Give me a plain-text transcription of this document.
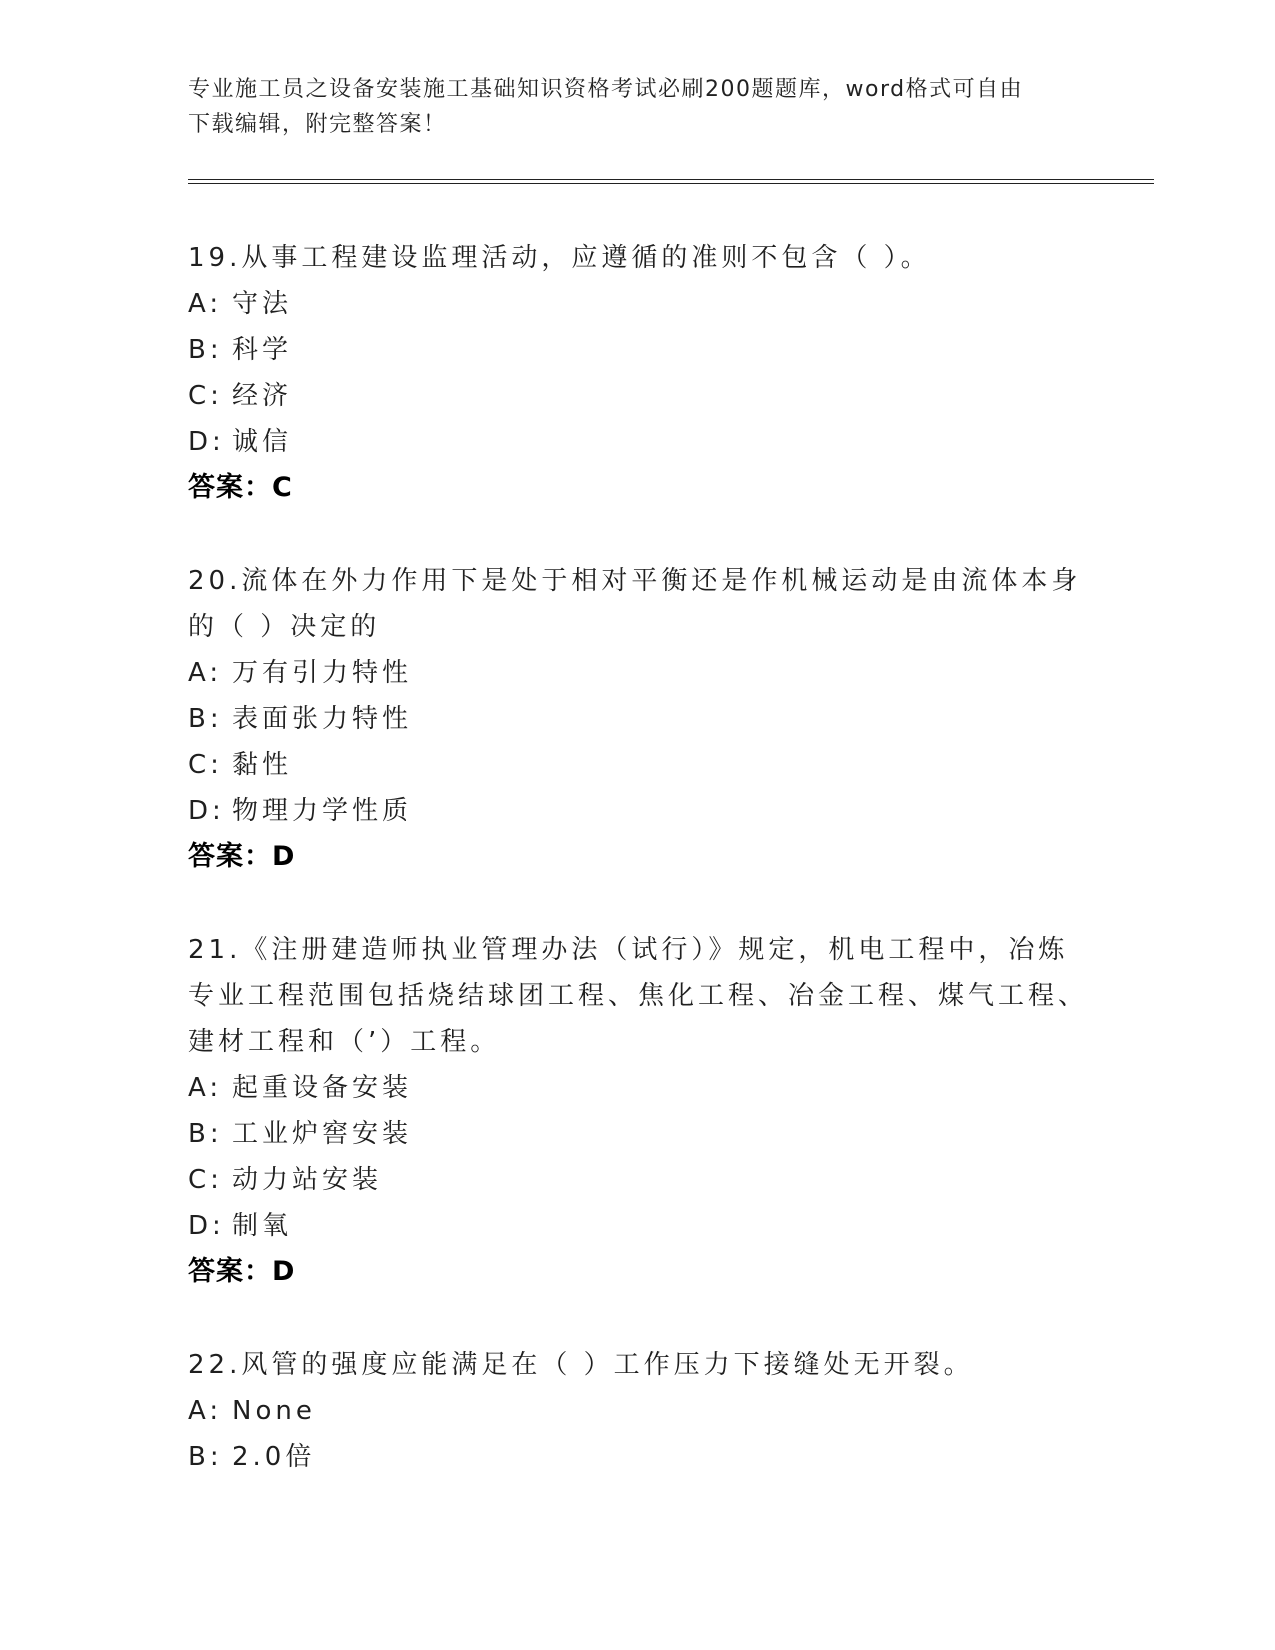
专业施工员之设备安装施工基础知识资格考试必刷200题题库，word格式可自由
下载编辑，附完整答案！
19.从事工程建设监理活动，应遵循的准则不包含（ ）。
A: 守法
B: 科学
C: 经济
D: 诚信
答案：C
20.流体在外力作用下是处于相对平衡还是作机械运动是由流体本身的（ ）决定的
A: 万有引力特性
B: 表面张力特性
C: 黏性
D: 物理力学性质
答案：D
21.《注册建造师执业管理办法（试行）》规定，机电工程中，冶炼专业工程范围包括烧结球团工程、焦化工程、冶金工程、煤气工程、建材工程和（’）工程。
A: 起重设备安装
B: 工业炉窖安装
C: 动力站安装
D: 制氧
答案：D
22.风管的强度应能满足在（ ）工作压力下接缝处无开裂。
A: None
B: 2.0倍
